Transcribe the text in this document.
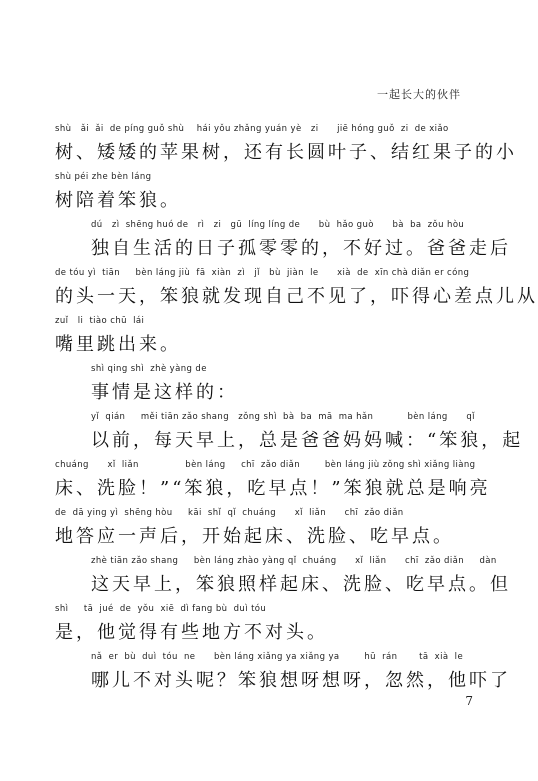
一起长大的伙伴
shù   ǎi  ǎi  de píng guǒ shù    hái yǒu zhǎng yuán yè   zi      jiē hóng guǒ  zi  de xiǎo
树、矮矮的苹果树，还有长圆叶子、结红果子的小
shù péi zhe bèn láng
树陪着笨狼。
dú   zì  shēng huó de   rì   zi   gū  líng líng de      bù  hǎo guò      bà  ba  zǒu hòu
独自生活的日子孤零零的，不好过。爸爸走后
de tóu yì  tiān     bèn láng jiù  fā  xiàn  zì   jǐ   bù  jiàn  le      xià  de  xīn chà diǎn er cóng
的头一天，笨狼就发现自己不见了，吓得心差点儿从
zuǐ   li  tiào chū  lái
嘴里跳出来。
shì qing shì  zhè yàng de
事情是这样的：
yǐ  qián     měi tiān zǎo shang   zǒng shì  bà  ba  mā  ma hǎn           bèn láng      qǐ
以前，每天早上，总是爸爸妈妈喊：“笨狼，起
chuáng      xǐ  liǎn               bèn láng     chī  zǎo diǎn        bèn láng jiù zǒng shì xiǎng liàng
床、洗脸！”“笨狼，吃早点！”笨狼就总是响亮
de  dā ying yì  shēng hòu     kāi  shǐ  qǐ  chuáng      xǐ  liǎn      chī  zǎo diǎn
地答应一声后，开始起床、洗脸、吃早点。
zhè tiān zǎo shang     bèn láng zhào yàng qǐ  chuáng      xǐ  liǎn      chī  zǎo diǎn     dàn
这天早上，笨狼照样起床、洗脸、吃早点。但
shì     tā  jué  de  yǒu  xiē  dì fang bù  duì tóu
是，他觉得有些地方不对头。
nǎ  er  bù  duì  tóu  ne      bèn láng xiǎng ya xiǎng ya        hū  rán       tā  xià  le
哪儿不对头呢？笨狼想呀想呀，忽然，他吓了
7
